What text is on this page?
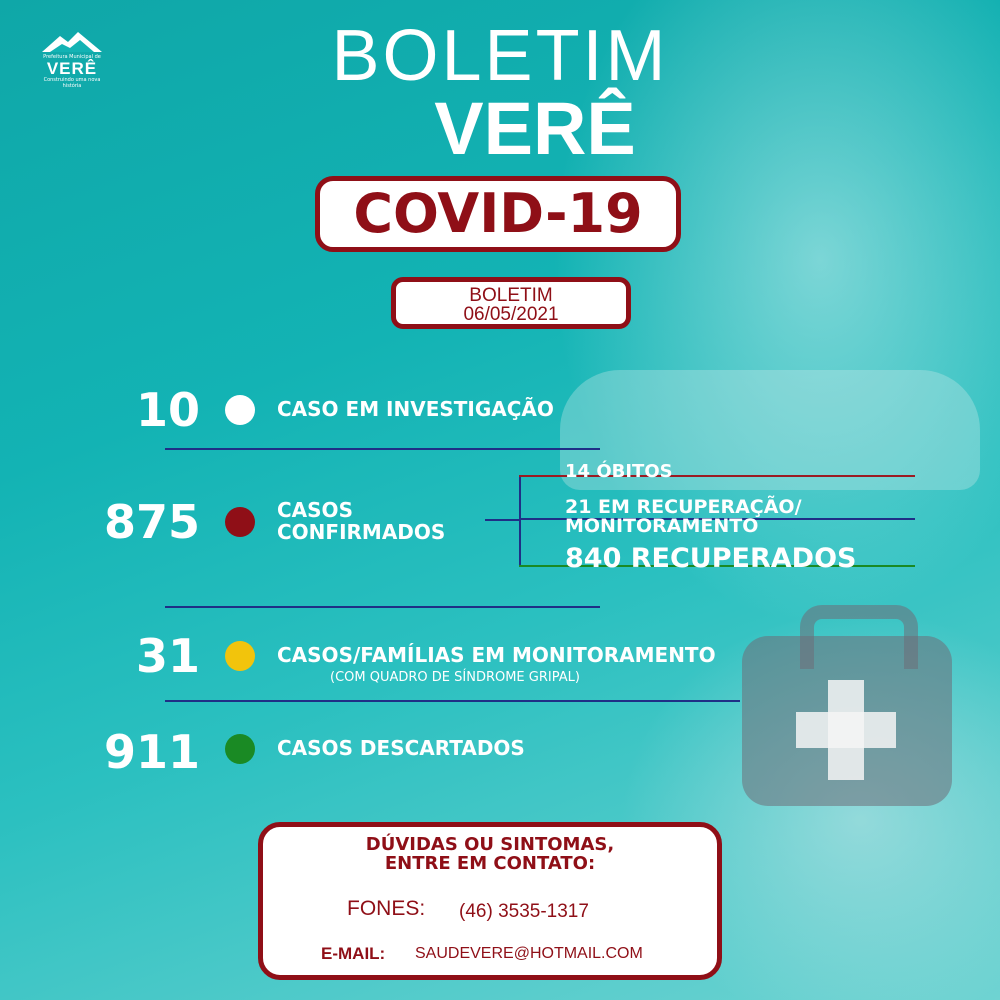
Prefeitura Municipal de
VERÊ
Construindo uma nova história	BOLETIM
VERÊ
COVID-19
BOLETIM
06/05/2021
10	CASO EM INVESTIGAÇÃO
875	CASOS
CONFIRMADOS
14 ÓBITOS
21 EM RECUPERAÇÃO/
MONITORAMENTO
840 RECUPERADOS
31	CASOS/FAMÍLIAS EM MONITORAMENTO
(COM QUADRO DE SÍNDROME GRIPAL)
911	CASOS DESCARTADOS
DÚVIDAS OU SINTOMAS,
ENTRE EM CONTATO:
FONES: (46) 3535-1317
E-MAIL: SAUDEVERE@HOTMAIL.COM
